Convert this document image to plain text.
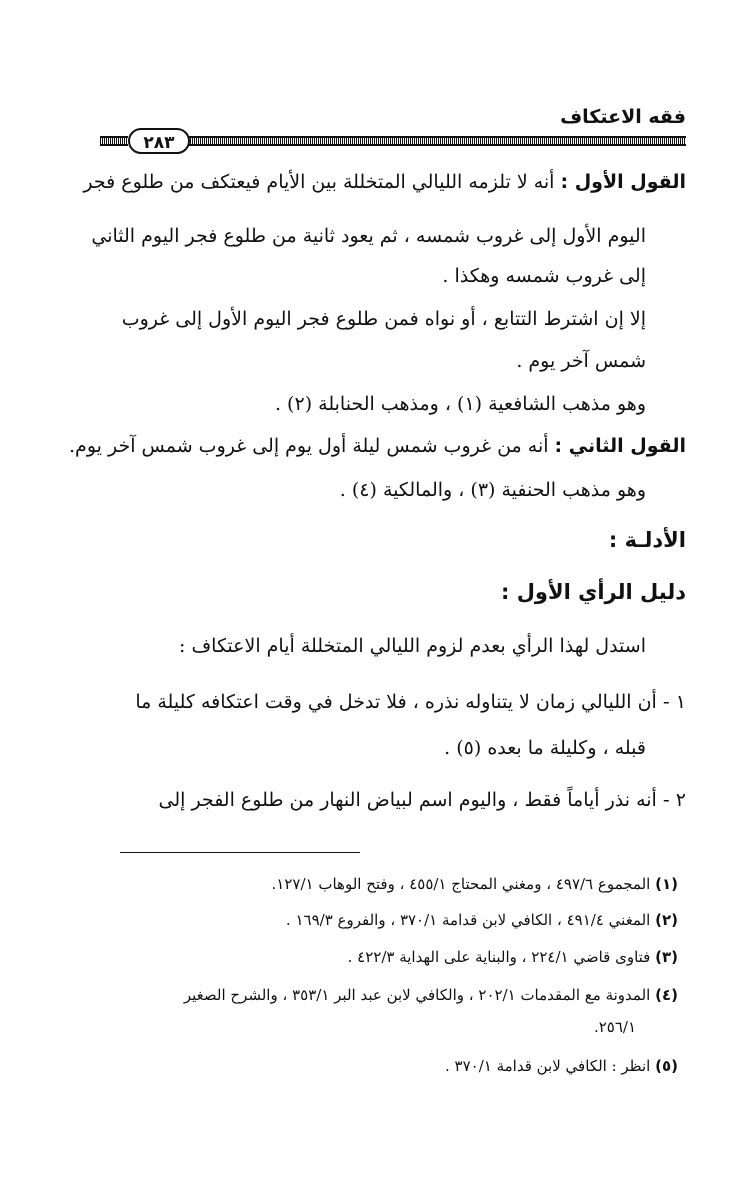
فقه الاعتكاف
٢٨٣
القول الأول : أنه لا تلزمه الليالي المتخللة بين الأيام فيعتكف من طلوع فجر
اليوم الأول إلى غروب شمسه ، ثم يعود ثانية من طلوع فجر اليوم الثاني
إلى غروب شمسه وهكذا .
إلا إن اشترط التتابع ، أو نواه فمن طلوع فجر اليوم الأول إلى غروب
شمس آخر يوم .
وهو مذهب الشافعية (١) ، ومذهب الحنابلة (٢) .
القول الثاني : أنه من غروب شمس ليلة أول يوم إلى غروب شمس آخر يوم.
وهو مذهب الحنفية (٣) ، والمالكية (٤) .
الأدلـة :
دليل الرأي الأول :
استدل لهذا الرأي بعدم لزوم الليالي المتخللة أيام الاعتكاف :
١ - أن الليالي زمان لا يتناوله نذره ، فلا تدخل في وقت اعتكافه كليلة ما
قبله ، وكليلة ما بعده (٥) .
٢ - أنه نذر أياماً فقط ، واليوم اسم لبياض النهار من طلوع الفجر إلى
(١) المجموع ٤٩٧/٦ ، ومغني المحتاج ٤٥٥/١ ، وفتح الوهاب ١٢٧/١.
(٢) المغني ٤٩١/٤ ، الكافي لابن قدامة ٣٧٠/١ ، والفروع ١٦٩/٣ .
(٣) فتاوى قاضي ٢٢٤/١ ، والبناية على الهداية ٤٢٢/٣ .
(٤) المدونة مع المقدمات ٢٠٢/١ ، والكافي لابن عبد البر ٣٥٣/١ ، والشرح الصغير
٢٥٦/١.
(٥) انظر : الكافي لابن قدامة ٣٧٠/١ .
